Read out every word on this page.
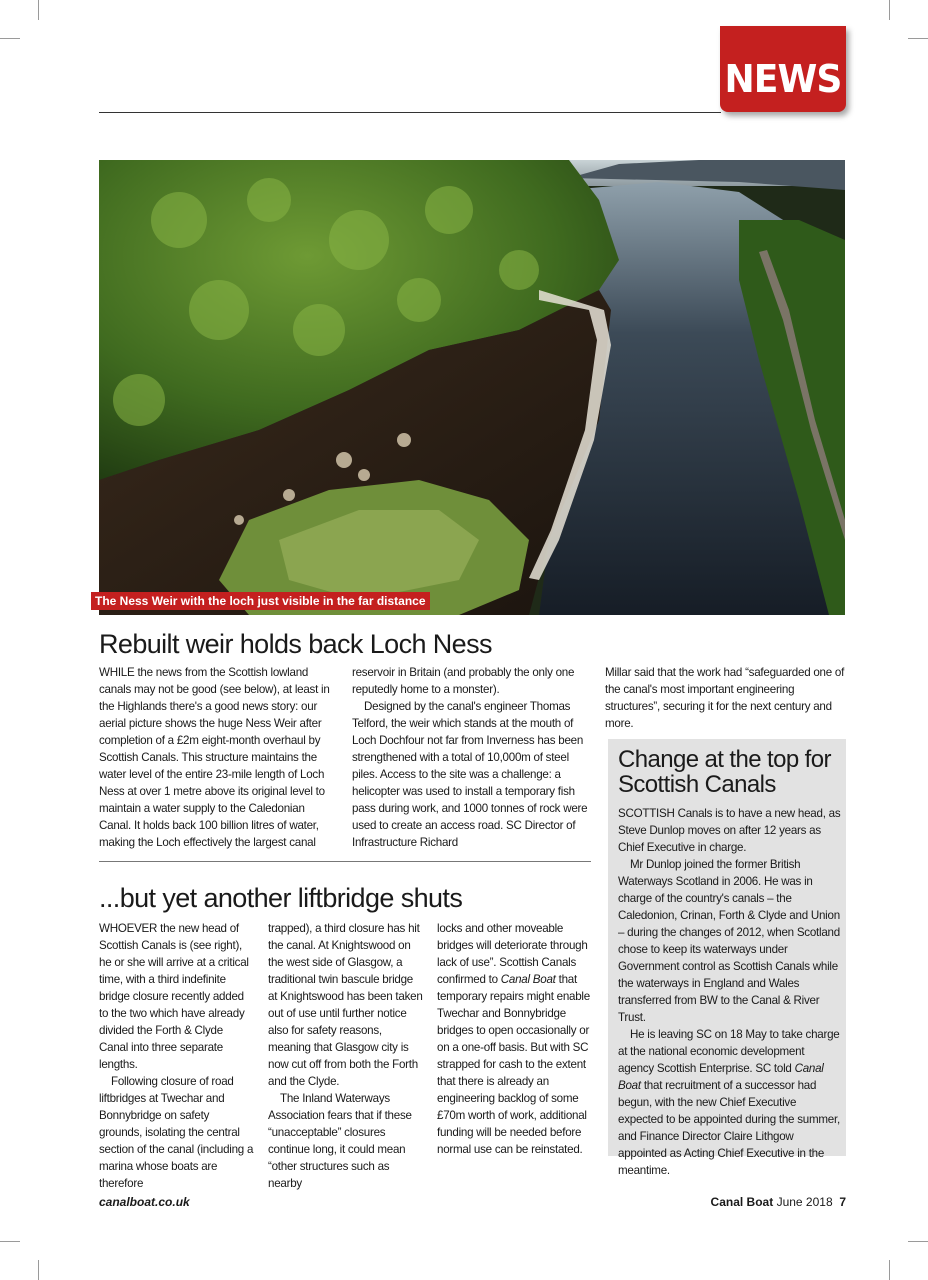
NEWS
The Ness Weir with the loch just visible in the far distance
Rebuilt weir holds back Loch Ness

WHILE the news from the Scottish lowland canals may not be good (see below), at least in the Highlands there's a good news story: our aerial picture shows the huge Ness Weir after completion of a £2m eight-month overhaul by Scottish Canals. This structure maintains the water level of the entire 23-mile length of Loch Ness at over 1 metre above its original level to maintain a water supply to the Caledonian Canal. It holds back 100 billion litres of water, making the Loch effectively the largest canal

reservoir in Britain (and probably the only one reputedly home to a monster).

Designed by the canal's engineer Thomas Telford, the weir which stands at the mouth of Loch Dochfour not far from Inverness has been strengthened with a total of 10,000m of steel piles. Access to the site was a challenge: a helicopter was used to install a temporary fish pass during work, and 1000 tonnes of rock were used to create an access road. SC Director of Infrastructure Richard

Millar said that the work had “safeguarded one of the canal's most important engineering structures”, securing it for the next century and more.

...but yet another liftbridge shuts

WHOEVER the new head of Scottish Canals is (see right), he or she will arrive at a critical time, with a third indefinite bridge closure recently added to the two which have already divided the Forth & Clyde Canal into three separate lengths.

Following closure of road liftbridges at Twechar and Bonnybridge on safety grounds, isolating the central section of the canal (including a marina whose boats are therefore

trapped), a third closure has hit the canal. At Knightswood on the west side of Glasgow, a traditional twin bascule bridge at Knightswood has been taken out of use until further notice also for safety reasons, meaning that Glasgow city is now cut off from both the Forth and the Clyde.

The Inland Waterways Association fears that if these “unacceptable” closures continue long, it could mean “other structures such as nearby

locks and other moveable bridges will deteriorate through lack of use”. Scottish Canals confirmed to Canal Boat that temporary repairs might enable Twechar and Bonnybridge bridges to open occasionally or on a one-off basis. But with SC strapped for cash to the extent that there is already an engineering backlog of some £70m worth of work, additional funding will be needed before normal use can be reinstated.

Change at the top for Scottish Canals

SCOTTISH Canals is to have a new head, as Steve Dunlop moves on after 12 years as Chief Executive in charge.

Mr Dunlop joined the former British Waterways Scotland in 2006. He was in charge of the country's canals – the Caledonion, Crinan, Forth & Clyde and Union – during the changes of 2012, when Scotland chose to keep its waterways under Government control as Scottish Canals while the waterways in England and Wales transferred from BW to the Canal & River Trust.

He is leaving SC on 18 May to take charge at the national economic development agency Scottish Enterprise. SC told Canal Boat that recruitment of a successor had begun, with the new Chief Executive expected to be appointed during the summer, and Finance Director Claire Lithgow appointed as Acting Chief Executive in the meantime.

canalboat.co.uk	Canal Boat June 2018 7
